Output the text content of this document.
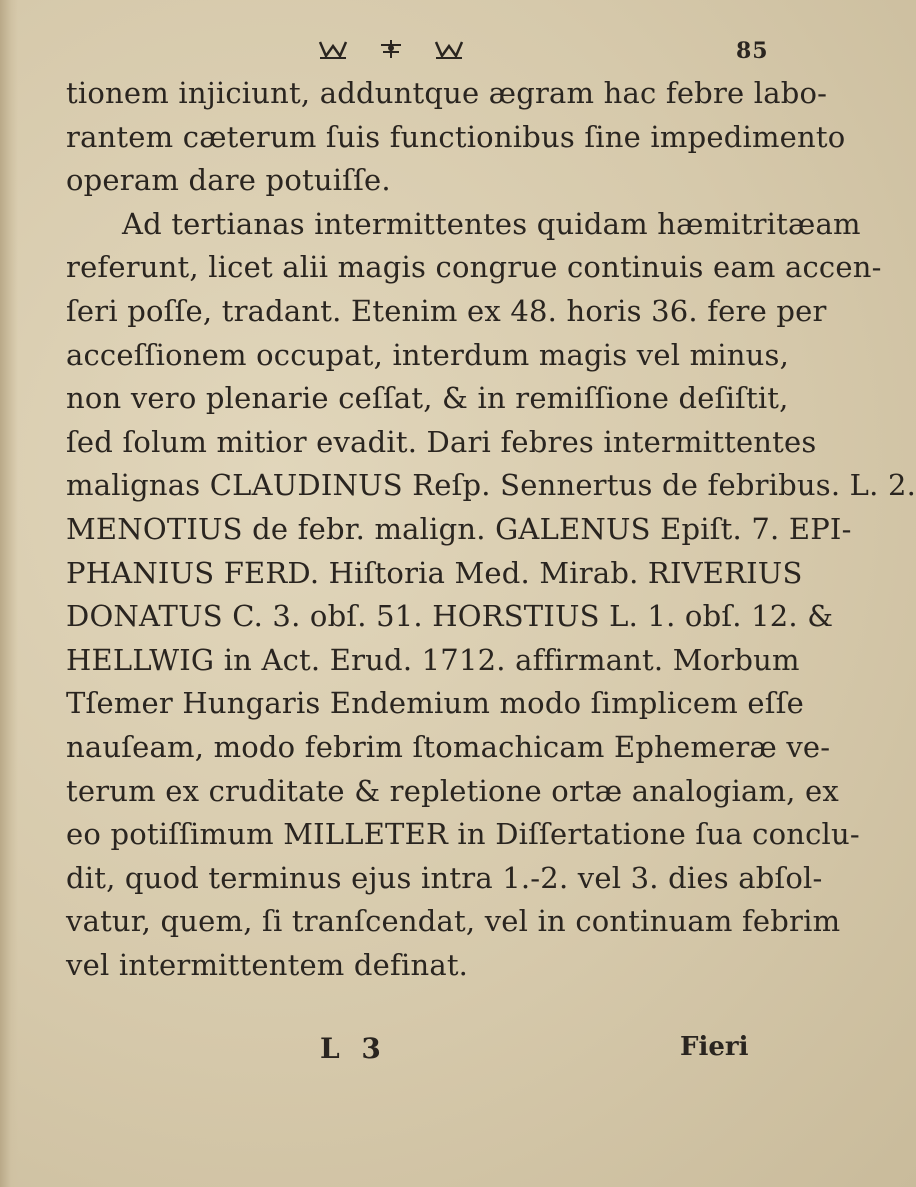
85
tionem injiciunt, adduntque ægram hac febre labo-
rantem cæterum ſuis functionibus ſine impedimento
operam dare potuiſſe.
Ad tertianas intermittentes quidam hæmitritæam
referunt, licet alii magis congrue continuis eam accen-
ſeri poſſe, tradant. Etenim ex 48. horis 36. fere per
acceſſionem occupat, interdum magis vel minus,
non vero plenarie ceſſat, & in remiſſione deſiſtit,
ſed ſolum mitior evadit. Dari febres intermittentes
malignas CLAUDINUS Reſp. Sennertus de febribus. L. 2.
MENOTIUS de febr. malign. GALENUS Epiſt. 7. EPI-
PHANIUS FERD. Hiſtoria Med. Mirab. RIVERIUS
DONATUS C. 3. obſ. 51. HORSTIUS L. 1. obſ. 12. &
HELLWIG in Act. Erud. 1712. affirmant. Morbum
Tſemer Hungaris Endemium modo ſimplicem eſſe
nauſeam, modo febrim ſtomachicam Ephemeræ ve-
terum ex cruditate & repletione ortæ analogiam, ex
eo potiſſimum MILLETER in Diſſertatione ſua conclu-
dit, quod terminus ejus intra 1.-2. vel 3. dies abſol-
vatur, quem, ſi tranſcendat, vel in continuam febrim
vel intermittentem definat.
L 3	Fieri
